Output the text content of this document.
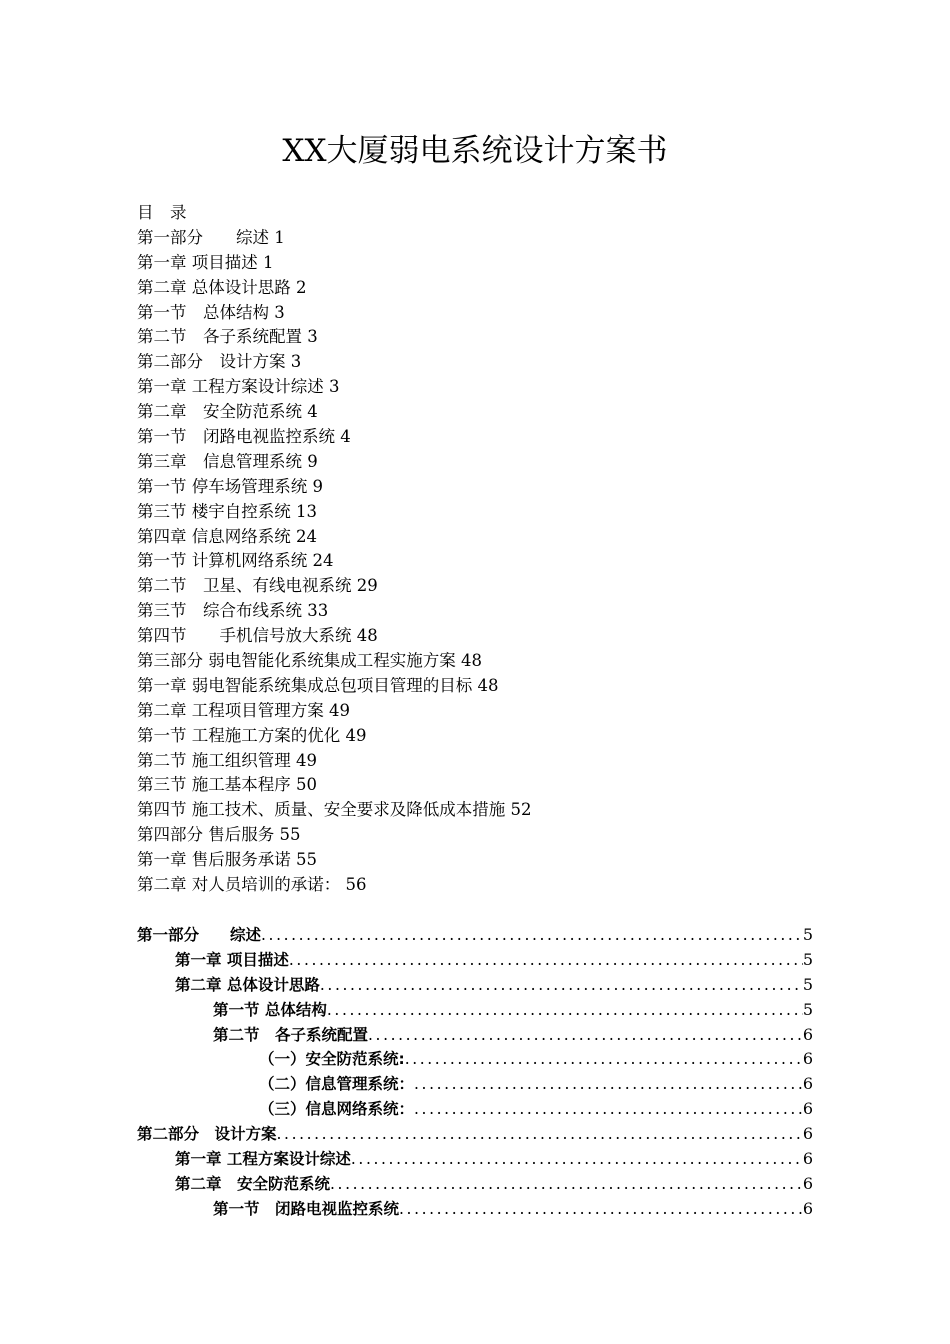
XX大厦弱电系统设计方案书

目　录

第一部分　　综述 1

第一章 项目描述 1

第二章 总体设计思路 2

第一节　总体结构 3

第二节　各子系统配置 3

第二部分　设计方案 3

第一章 工程方案设计综述 3

第二章　安全防范系统 4

第一节　闭路电视监控系统 4

第三章　信息管理系统 9

第一节 停车场管理系统 9

第三节 楼宇自控系统 13

第四章 信息网络系统 24

第一节 计算机网络系统 24

第二节　卫星、有线电视系统 29

第三节　综合布线系统 33

第四节　　手机信号放大系统 48

第三部分 弱电智能化系统集成工程实施方案 48

第一章 弱电智能系统集成总包项目管理的目标 48

第二章 工程项目管理方案 49

第一节 工程施工方案的优化 49

第二节 施工组织管理 49

第三节 施工基本程序 50

第四节 施工技术、质量、安全要求及降低成本措施 52

第四部分 售后服务 55

第一章 售后服务承诺 55

第二章 对人员培训的承诺： 56

第一部分　　综述 .....	5
第一章 项目描述 .....	5
第二章 总体设计思路 .....	5
第一节 总体结构 .....	5
第二节　各子系统配置 .....	6
（一）安全防范系统: .....	6
（二）信息管理系统： .....	6
（三）信息网络系统： .....	6
第二部分　设计方案 .....	6
第一章 工程方案设计综述 .....	6
第二章　安全防范系统 .....	6
第一节　闭路电视监控系统 .....	6
